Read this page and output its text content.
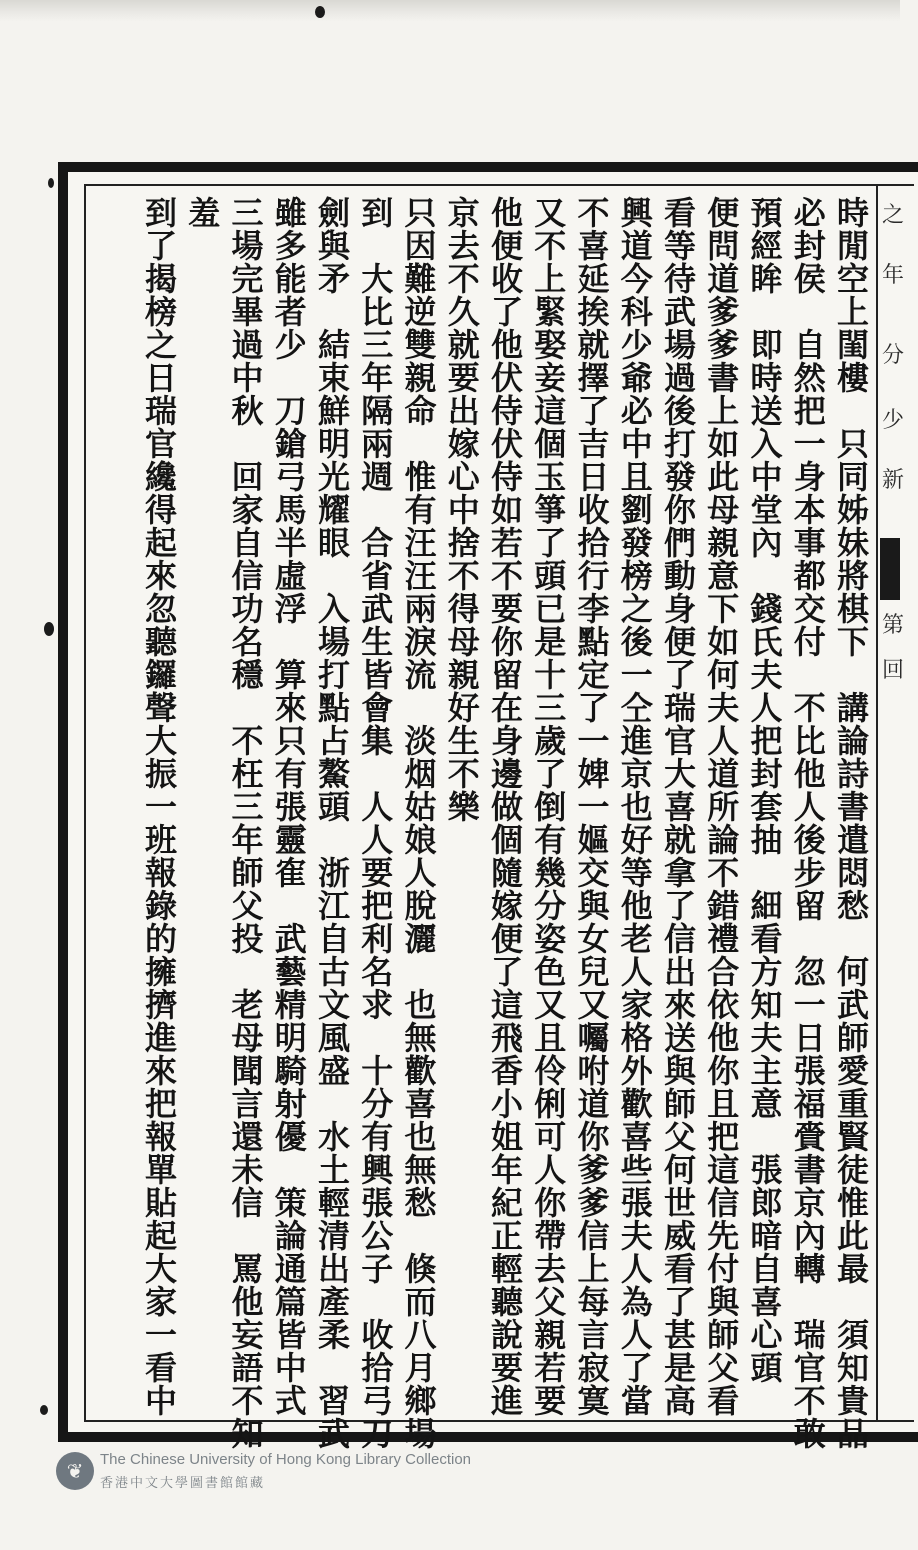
之
年
分
少
新
第
回
時閒空上閨樓　只同姊妹將棋下　講論詩書遣悶愁　何武師愛重賢徒惟此最　須知貴品
必封侯　自然把一身本事都交付　不比他人後步留　忽一日張福賫書京內轉　瑞官不敢
預經眸　即時送入中堂內　錢氏夫人把封套抽　細看方知夫主意　張郎暗自喜心頭
便問道爹爹書上如此母親意下如何夫人道所論不錯禮合依他你且把這信先付與師父看
看等待武場過後打發你們動身便了瑞官大喜就拿了信出來送與師父何世威看了甚是高
興道今科少爺必中且劉發榜之後一仝進京也好等他老人家格外歡喜些張夫人為人了當
不喜延挨就擇了吉日收拾行李點定了一婢一嫗交與女兒又囑咐道你爹爹信上每言寂寞
又不上緊娶妾這個玉箏了頭已是十三歲了倒有幾分姿色又且伶俐可人你帶去父親若要
他便收了他伏侍伏侍如若不要你留在身邊做個隨嫁便了這飛香小姐年紀正輕聽說要進
京去不久就要出嫁心中捨不得母親好生不樂
只因難逆雙親命　惟有汪汪兩淚流　淡烟姑娘人脫灑　也無歡喜也無愁　倏而八月鄉場
到　大比三年隔兩週　合省武生皆會集　人人要把利名求　十分有興張公子　收拾弓刀
劍與矛　結束鮮明光耀眼　入場打點占鰲頭　浙江自古文風盛　水土輕清出產柔　習武
雖多能者少　刀鎗弓馬半虛浮　算來只有張靈隺　武藝精明騎射優　策論通篇皆中式
三場完畢過中秋　回家自信功名穩　不枉三年師父投　老母聞言還未信　罵他妄語不知
羞
到了揭榜之日瑞官纔得起來忽聽鑼聲大振一班報錄的擁擠進來把報單貼起大家一看中
❦	The Chinese University of Hong Kong Library Collection
香港中文大學圖書館館藏
